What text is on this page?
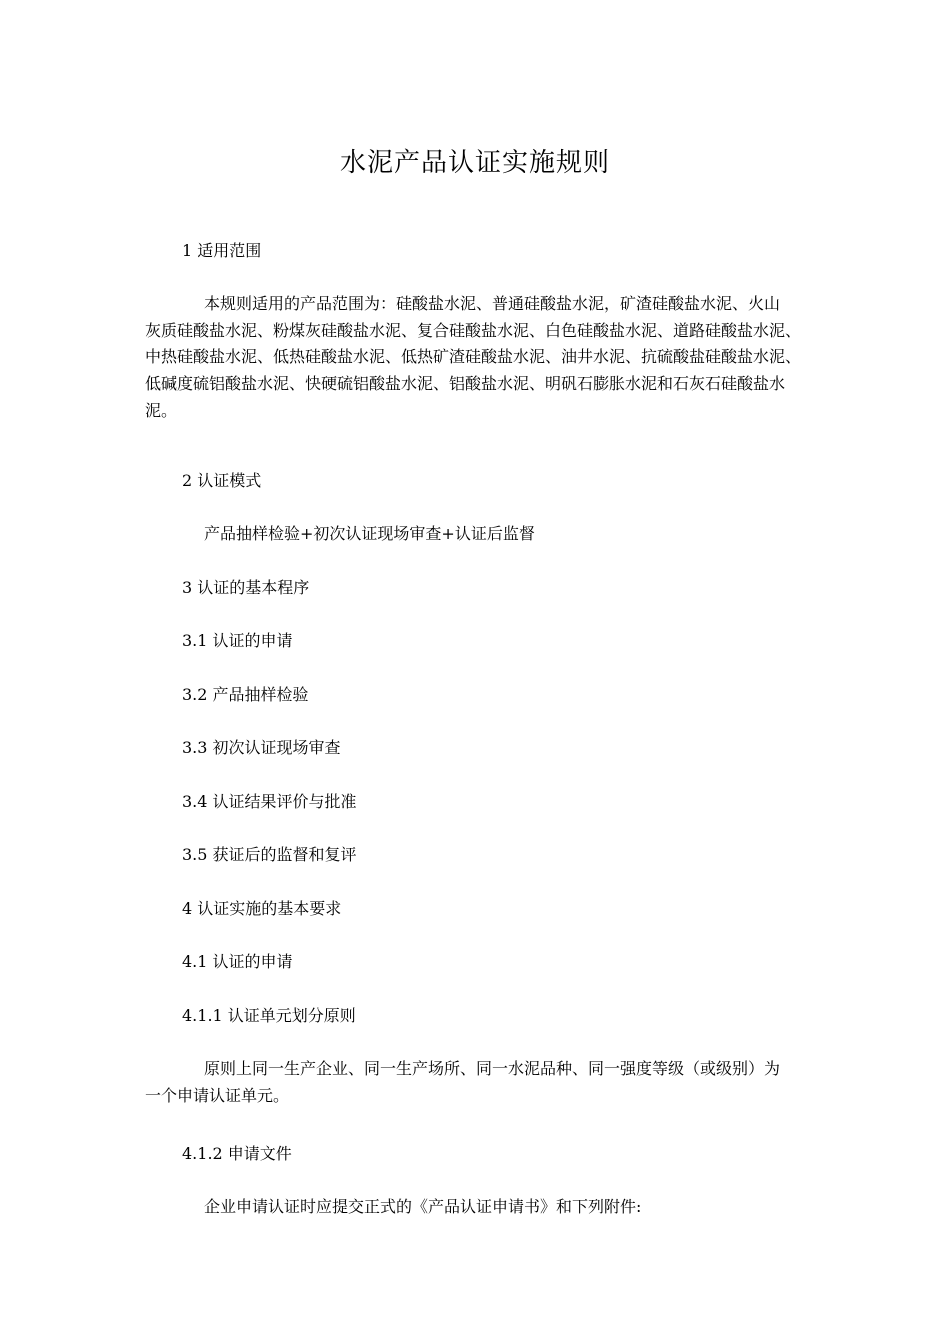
水泥产品认证实施规则
1 适用范围
本规则适用的产品范围为：硅酸盐水泥、普通硅酸盐水泥，矿渣硅酸盐水泥、火山
灰质硅酸盐水泥、粉煤灰硅酸盐水泥、复合硅酸盐水泥、白色硅酸盐水泥、道路硅酸盐水泥、
中热硅酸盐水泥、低热硅酸盐水泥、低热矿渣硅酸盐水泥、油井水泥、抗硫酸盐硅酸盐水泥、
低碱度硫铝酸盐水泥、快硬硫铝酸盐水泥、铝酸盐水泥、明矾石膨胀水泥和石灰石硅酸盐水
泥。
2 认证模式
产品抽样检验+初次认证现场审查+认证后监督
3 认证的基本程序
3.1 认证的申请
3.2 产品抽样检验
3.3 初次认证现场审查
3.4 认证结果评价与批准
3.5 获证后的监督和复评
4 认证实施的基本要求
4.1 认证的申请
4.1.1 认证单元划分原则
原则上同一生产企业、同一生产场所、同一水泥品种、同一强度等级（或级别）为
一个申请认证单元。
4.1.2 申请文件
企业申请认证时应提交正式的《产品认证申请书》和下列附件:
